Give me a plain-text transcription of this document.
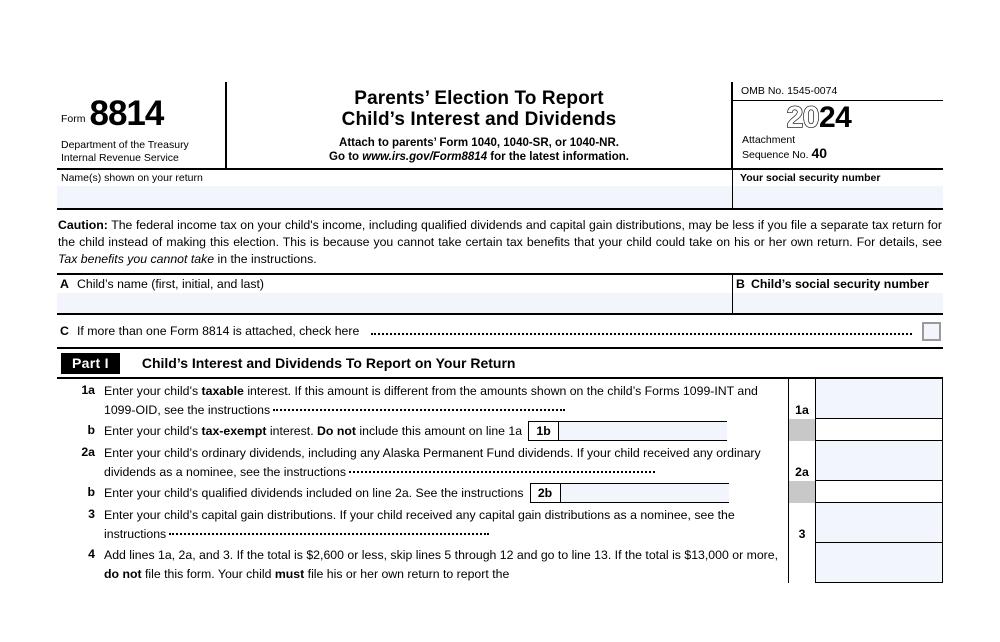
Form 8814
Department of the Treasury
Internal Revenue Service
Parents’ Election To Report
Child’s Interest and Dividends
Attach to parents’ Form 1040, 1040-SR, or 1040-NR.
Go to www.irs.gov/Form8814 for the latest information.
OMB No. 1545-0074
2024
Attachment
Sequence No. 40
Name(s) shown on your return	Your social security number
Caution: The federal income tax on your child's income, including qualified dividends and capital gain distributions, may be less if you file a separate tax return for the child instead of making this election. This is because you cannot take certain tax benefits that your child could take on his or her own return. For details, see Tax benefits you cannot take in the instructions.
A Child’s name (first, initial, and last)	B Child’s social security number
C If more than one Form 8814 is attached, check here
Part I	Child’s Interest and Dividends To Report on Your Return
1a Enter your child’s taxable interest. If this amount is different from the amounts shown on the child’s Forms 1099-INT and 1099-OID, see the instructions	1a
b Enter your child’s tax-exempt interest. Do not include this amount on line 1a	1b
2a Enter your child’s ordinary dividends, including any Alaska Permanent Fund dividends. If your child received any ordinary dividends as a nominee, see the instructions	2a
b Enter your child’s qualified dividends included on line 2a. See the instructions	2b
3 Enter your child’s capital gain distributions. If your child received any capital gain distributions as a nominee, see the instructions	3
4 Add lines 1a, 2a, and 3. If the total is $2,600 or less, skip lines 5 through 12 and go to line 13. If the total is $13,000 or more, do not file this form. Your child must file his or her own return to report the
